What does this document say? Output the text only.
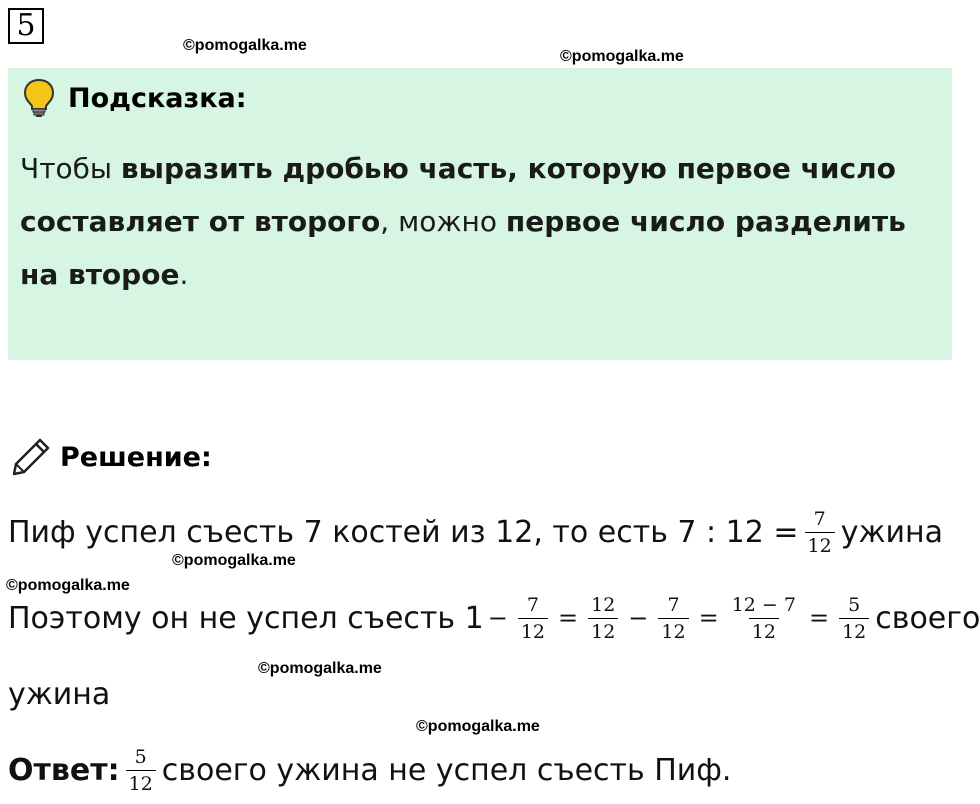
5
©pomogalka.me
©pomogalka.me
Подсказка:
Чтобы выразить дробью часть, которую первое число составляет от второго, можно первое число разделить на второе.
Решение:
Пиф успел съесть 7 костей из 12, то есть 7 : $12 = \frac{7}{12}$ ужина
©pomogalka.me
©pomogalka.me
Поэтому он не успел съесть $1 - \frac{7}{12} = \frac{12}{12} - \frac{7}{12} = \frac{12 - 7}{12} = \frac{5}{12}$ своего
©pomogalka.me
ужина
©pomogalka.me
Ответ: $\frac{5}{12}$ своего ужина не успел съесть Пиф.
